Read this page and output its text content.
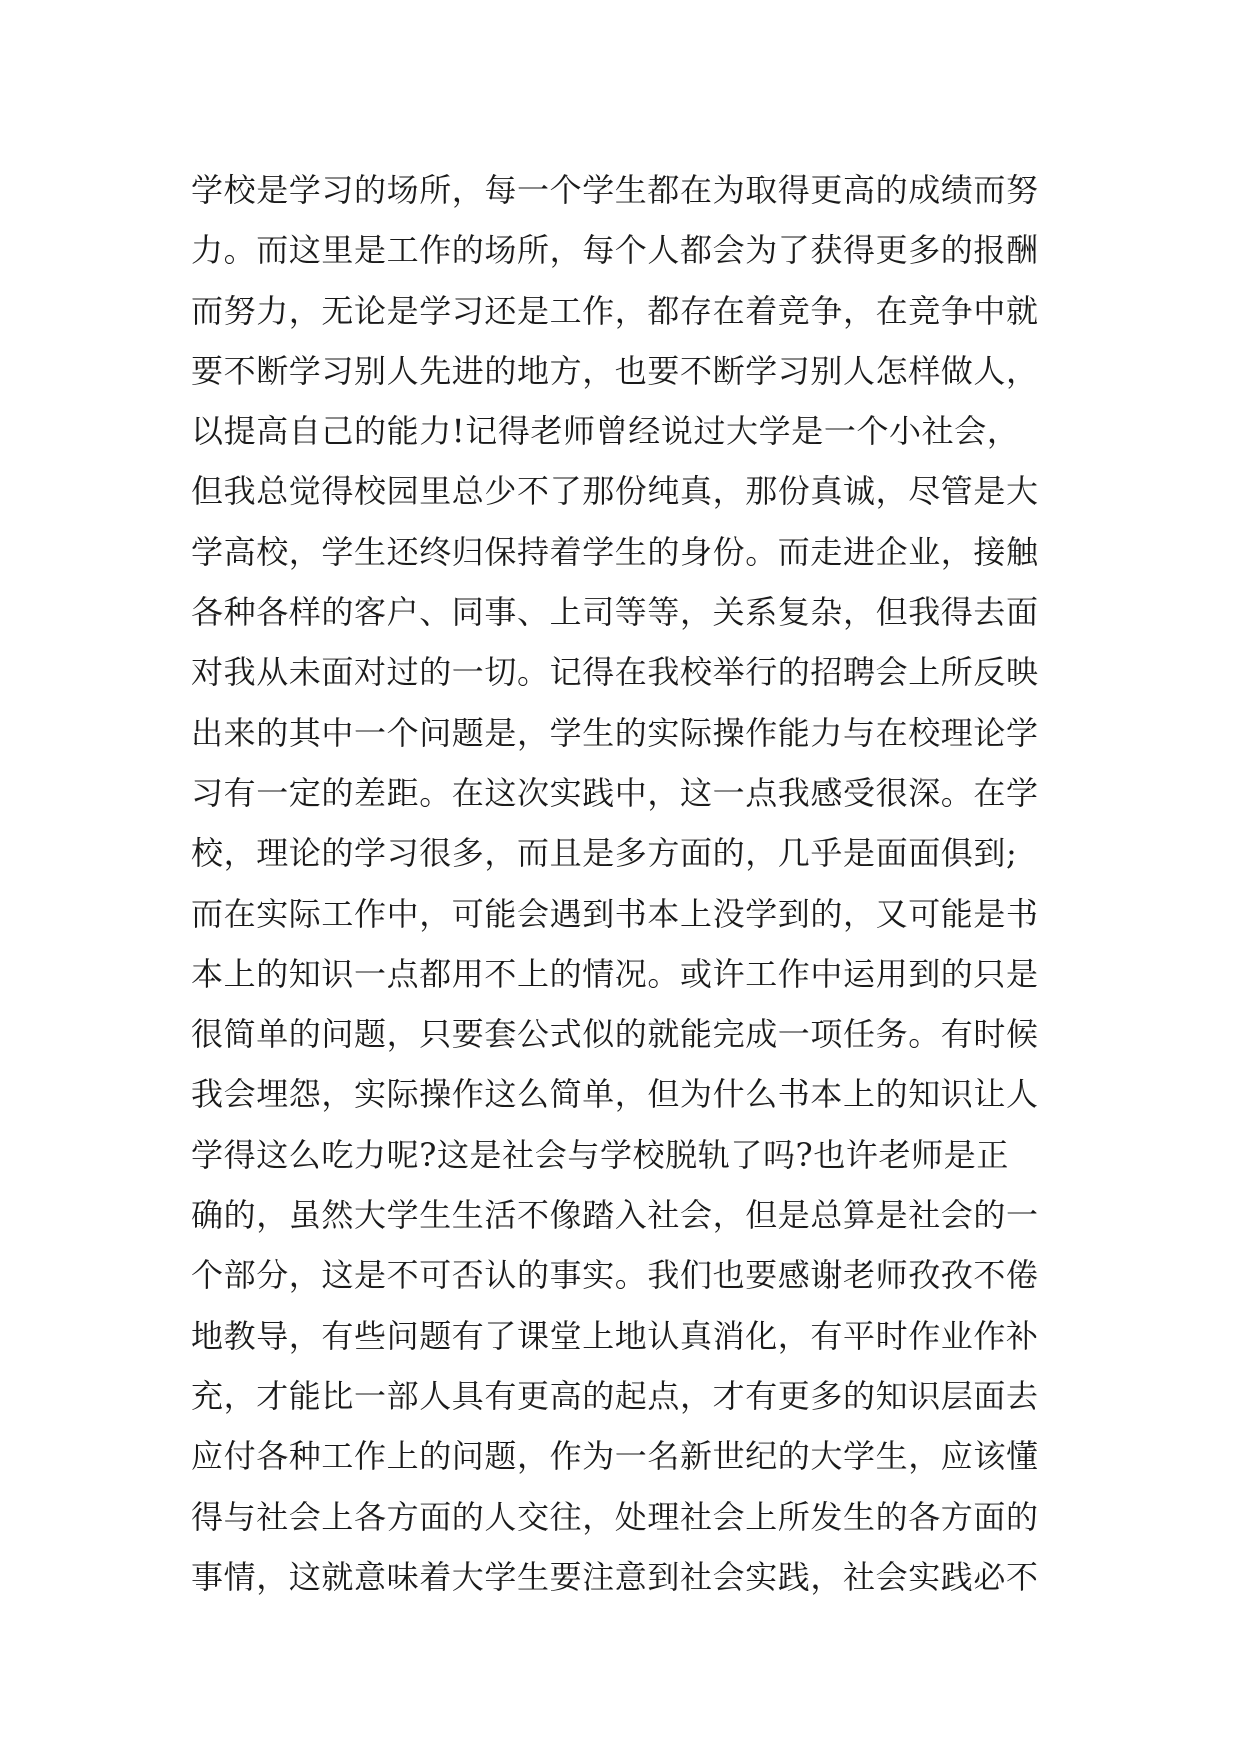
学校是学习的场所，每一个学生都在为取得更高的成绩而努
力。而这里是工作的场所，每个人都会为了获得更多的报酬
而努力，无论是学习还是工作，都存在着竞争，在竞争中就
要不断学习别人先进的地方，也要不断学习别人怎样做人，
以提高自己的能力!记得老师曾经说过大学是一个小社会，
但我总觉得校园里总少不了那份纯真，那份真诚，尽管是大
学高校，学生还终归保持着学生的身份。而走进企业，接触
各种各样的客户、同事、上司等等，关系复杂，但我得去面
对我从未面对过的一切。记得在我校举行的招聘会上所反映
出来的其中一个问题是，学生的实际操作能力与在校理论学
习有一定的差距。在这次实践中，这一点我感受很深。在学
校，理论的学习很多，而且是多方面的，几乎是面面俱到;
而在实际工作中，可能会遇到书本上没学到的，又可能是书
本上的知识一点都用不上的情况。或许工作中运用到的只是
很简单的问题，只要套公式似的就能完成一项任务。有时候
我会埋怨，实际操作这么简单，但为什么书本上的知识让人
学得这么吃力呢?这是社会与学校脱轨了吗?也许老师是正
确的，虽然大学生生活不像踏入社会，但是总算是社会的一
个部分，这是不可否认的事实。我们也要感谢老师孜孜不倦
地教导，有些问题有了课堂上地认真消化，有平时作业作补
充，才能比一部人具有更高的起点，才有更多的知识层面去
应付各种工作上的问题，作为一名新世纪的大学生，应该懂
得与社会上各方面的人交往，处理社会上所发生的各方面的
事情，这就意味着大学生要注意到社会实践，社会实践必不
